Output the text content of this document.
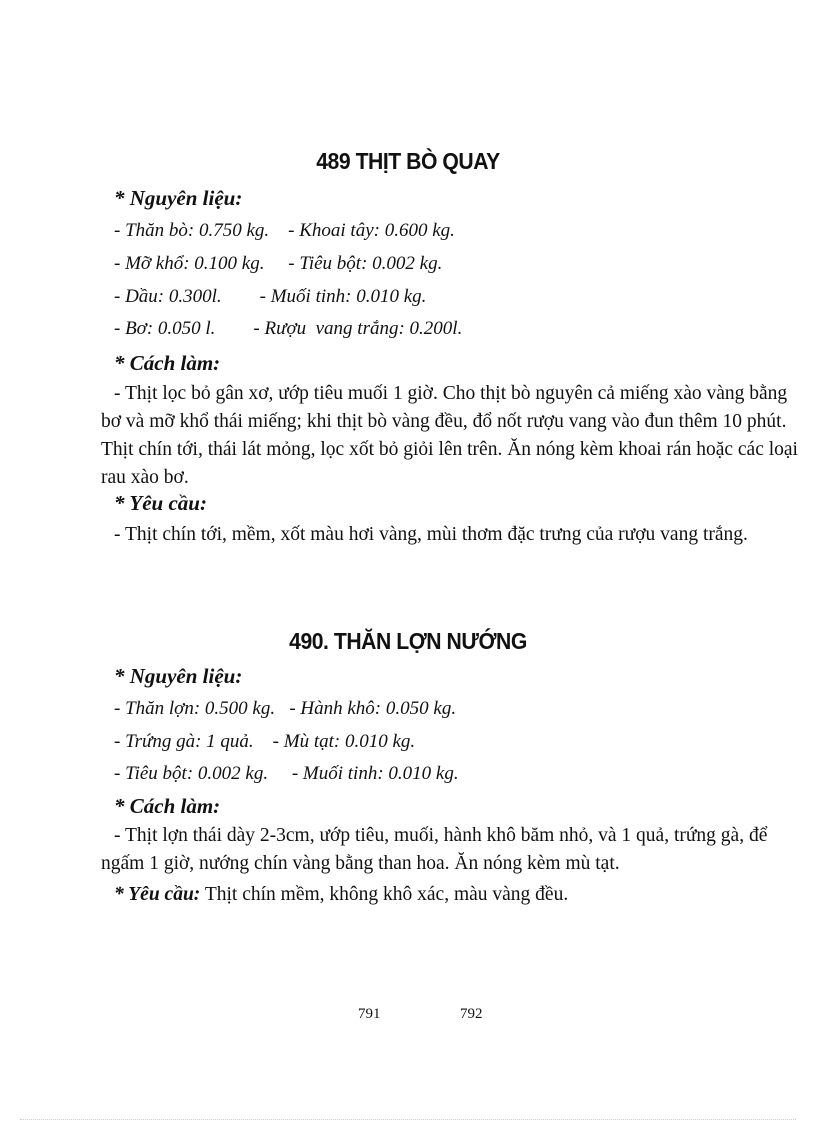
489 THỊT BÒ QUAY
* Nguyên liệu:
- Thăn bò: 0.750 kg.    - Khoai tây: 0.600 kg.
- Mỡ khổ: 0.100 kg.     - Tiêu bột: 0.002 kg.
- Dầu: 0.300l.        - Muối tinh: 0.010 kg.
- Bơ: 0.050 l.        - Rượu  vang trắng: 0.200l.
* Cách làm:
- Thịt lọc bỏ gân xơ, ướp tiêu muối 1 giờ. Cho thịt bò nguyên cả miếng xào vàng bằng
bơ và mỡ khổ thái miếng; khi thịt bò vàng đều, đổ nốt rượu vang vào đun thêm 10 phút.
Thịt chín tới, thái lát mỏng, lọc xốt bỏ giỏi lên trên. Ăn nóng kèm khoai rán hoặc các loại
rau xào bơ.
* Yêu cầu:
- Thịt chín tới, mềm, xốt màu hơi vàng, mùi thơm đặc trưng của rượu vang trắng.
490. THĂN LỢN NƯỚNG
* Nguyên liệu:
- Thăn lợn: 0.500 kg.   - Hành khô: 0.050 kg.
- Trứng gà: 1 quả.    - Mù tạt: 0.010 kg.
- Tiêu bột: 0.002 kg.     - Muối tinh: 0.010 kg.
* Cách làm:
- Thịt lợn thái dày 2-3cm, ướp tiêu, muối, hành khô băm nhỏ, và 1 quả, trứng gà, để
ngấm 1 giờ, nướng chín vàng bằng than hoa. Ăn nóng kèm mù tạt.
* Yêu cầu: Thịt chín mềm, không khô xác, màu vàng đều.
791	792
